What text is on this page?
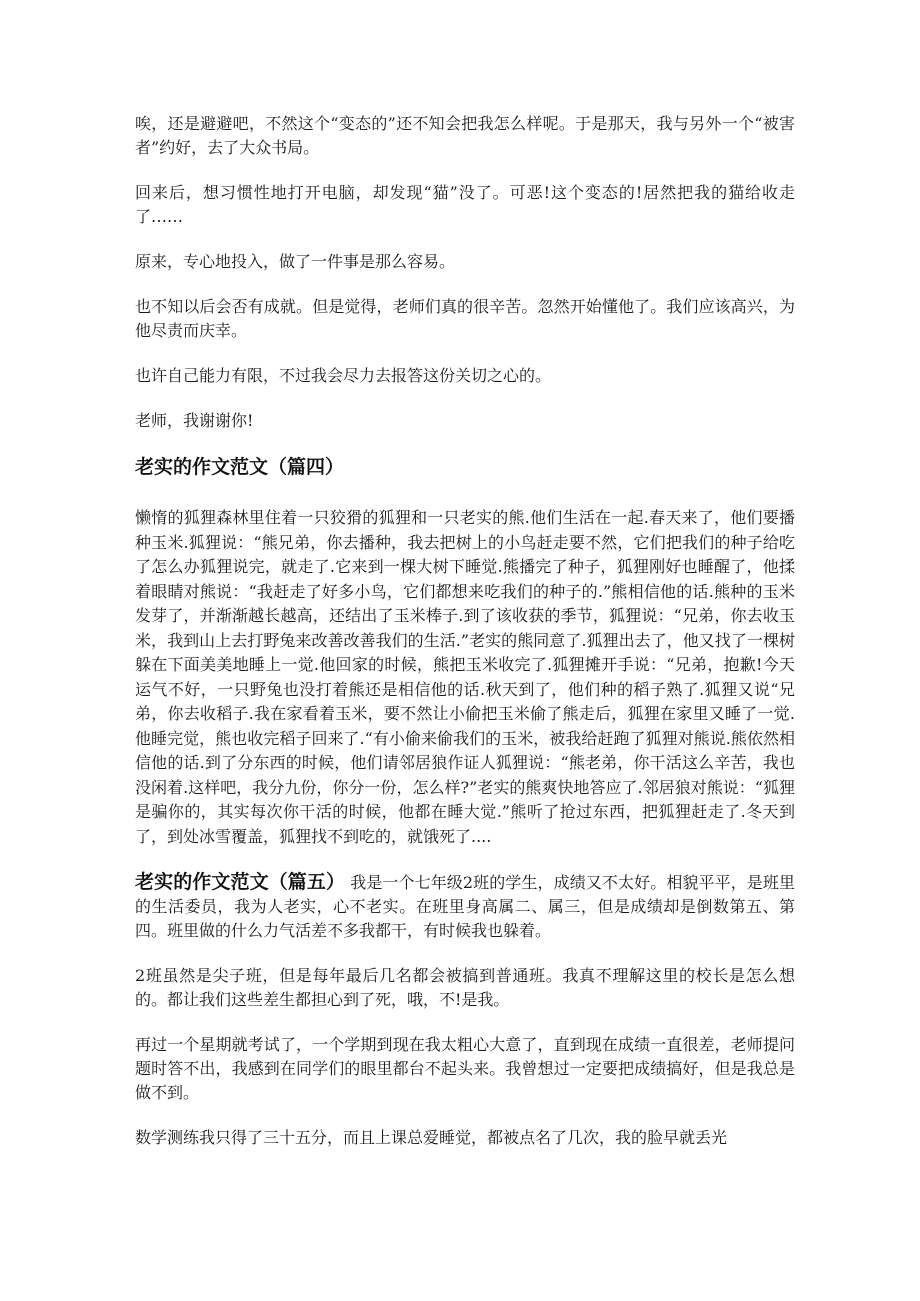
唉，还是避避吧，不然这个“变态的”还不知会把我怎么样呢。于是那天，我与另外一个“被害者”约好，去了大众书局。

回来后，想习惯性地打开电脑，却发现“猫”没了。可恶!这个变态的!居然把我的猫给收走了……

原来，专心地投入，做了一件事是那么容易。

也不知以后会否有成就。但是觉得，老师们真的很辛苦。忽然开始懂他了。我们应该高兴，为他尽责而庆幸。

也许自己能力有限，不过我会尽力去报答这份关切之心的。

老师，我谢谢你!

老实的作文范文（篇四）

懒惰的狐狸森林里住着一只狡猾的狐狸和一只老实的熊.他们生活在一起.春天来了，他们要播种玉米.狐狸说：“熊兄弟，你去播种，我去把树上的小鸟赶走要不然，它们把我们的种子给吃了怎么办狐狸说完，就走了.它来到一棵大树下睡觉.熊播完了种子，狐狸刚好也睡醒了，他揉着眼睛对熊说：“我赶走了好多小鸟，它们都想来吃我们的种子的.”熊相信他的话.熊种的玉米发芽了，并渐渐越长越高，还结出了玉米棒子.到了该收获的季节，狐狸说：“兄弟，你去收玉米，我到山上去打野兔来改善改善我们的生活.”老实的熊同意了.狐狸出去了，他又找了一棵树躲在下面美美地睡上一觉.他回家的时候，熊把玉米收完了.狐狸摊开手说：“兄弟，抱歉!今天运气不好，一只野兔也没打着熊还是相信他的话.秋天到了，他们种的稻子熟了.狐狸又说“兄弟，你去收稻子.我在家看着玉米，要不然让小偷把玉米偷了熊走后，狐狸在家里又睡了一觉.他睡完觉，熊也收完稻子回来了.“有小偷来偷我们的玉米，被我给赶跑了狐狸对熊说.熊依然相信他的话.到了分东西的时候，他们请邻居狼作证人狐狸说：“熊老弟，你干活这么辛苦，我也没闲着.这样吧，我分九份，你分一份，怎么样?”老实的熊爽快地答应了.邻居狼对熊说：“狐狸是骗你的，其实每次你干活的时候，他都在睡大觉.”熊听了抢过东西，把狐狸赶走了.冬天到了，到处冰雪覆盖，狐狸找不到吃的，就饿死了....

老实的作文范文（篇五） 我是一个七年级2班的学生，成绩又不太好。相貌平平，是班里的生活委员，我为人老实，心不老实。在班里身高属二、属三，但是成绩却是倒数第五、第四。班里做的什么力气活差不多我都干，有时候我也躲着。

2班虽然是尖子班，但是每年最后几名都会被搞到普通班。我真不理解这里的校长是怎么想的。都让我们这些差生都担心到了死，哦，不!是我。

再过一个星期就考试了，一个学期到现在我太粗心大意了，直到现在成绩一直很差，老师提问题时答不出，我感到在同学们的眼里都台不起头来。我曾想过一定要把成绩搞好，但是我总是做不到。

数学测练我只得了三十五分，而且上课总爱睡觉，都被点名了几次，我的脸早就丢光
